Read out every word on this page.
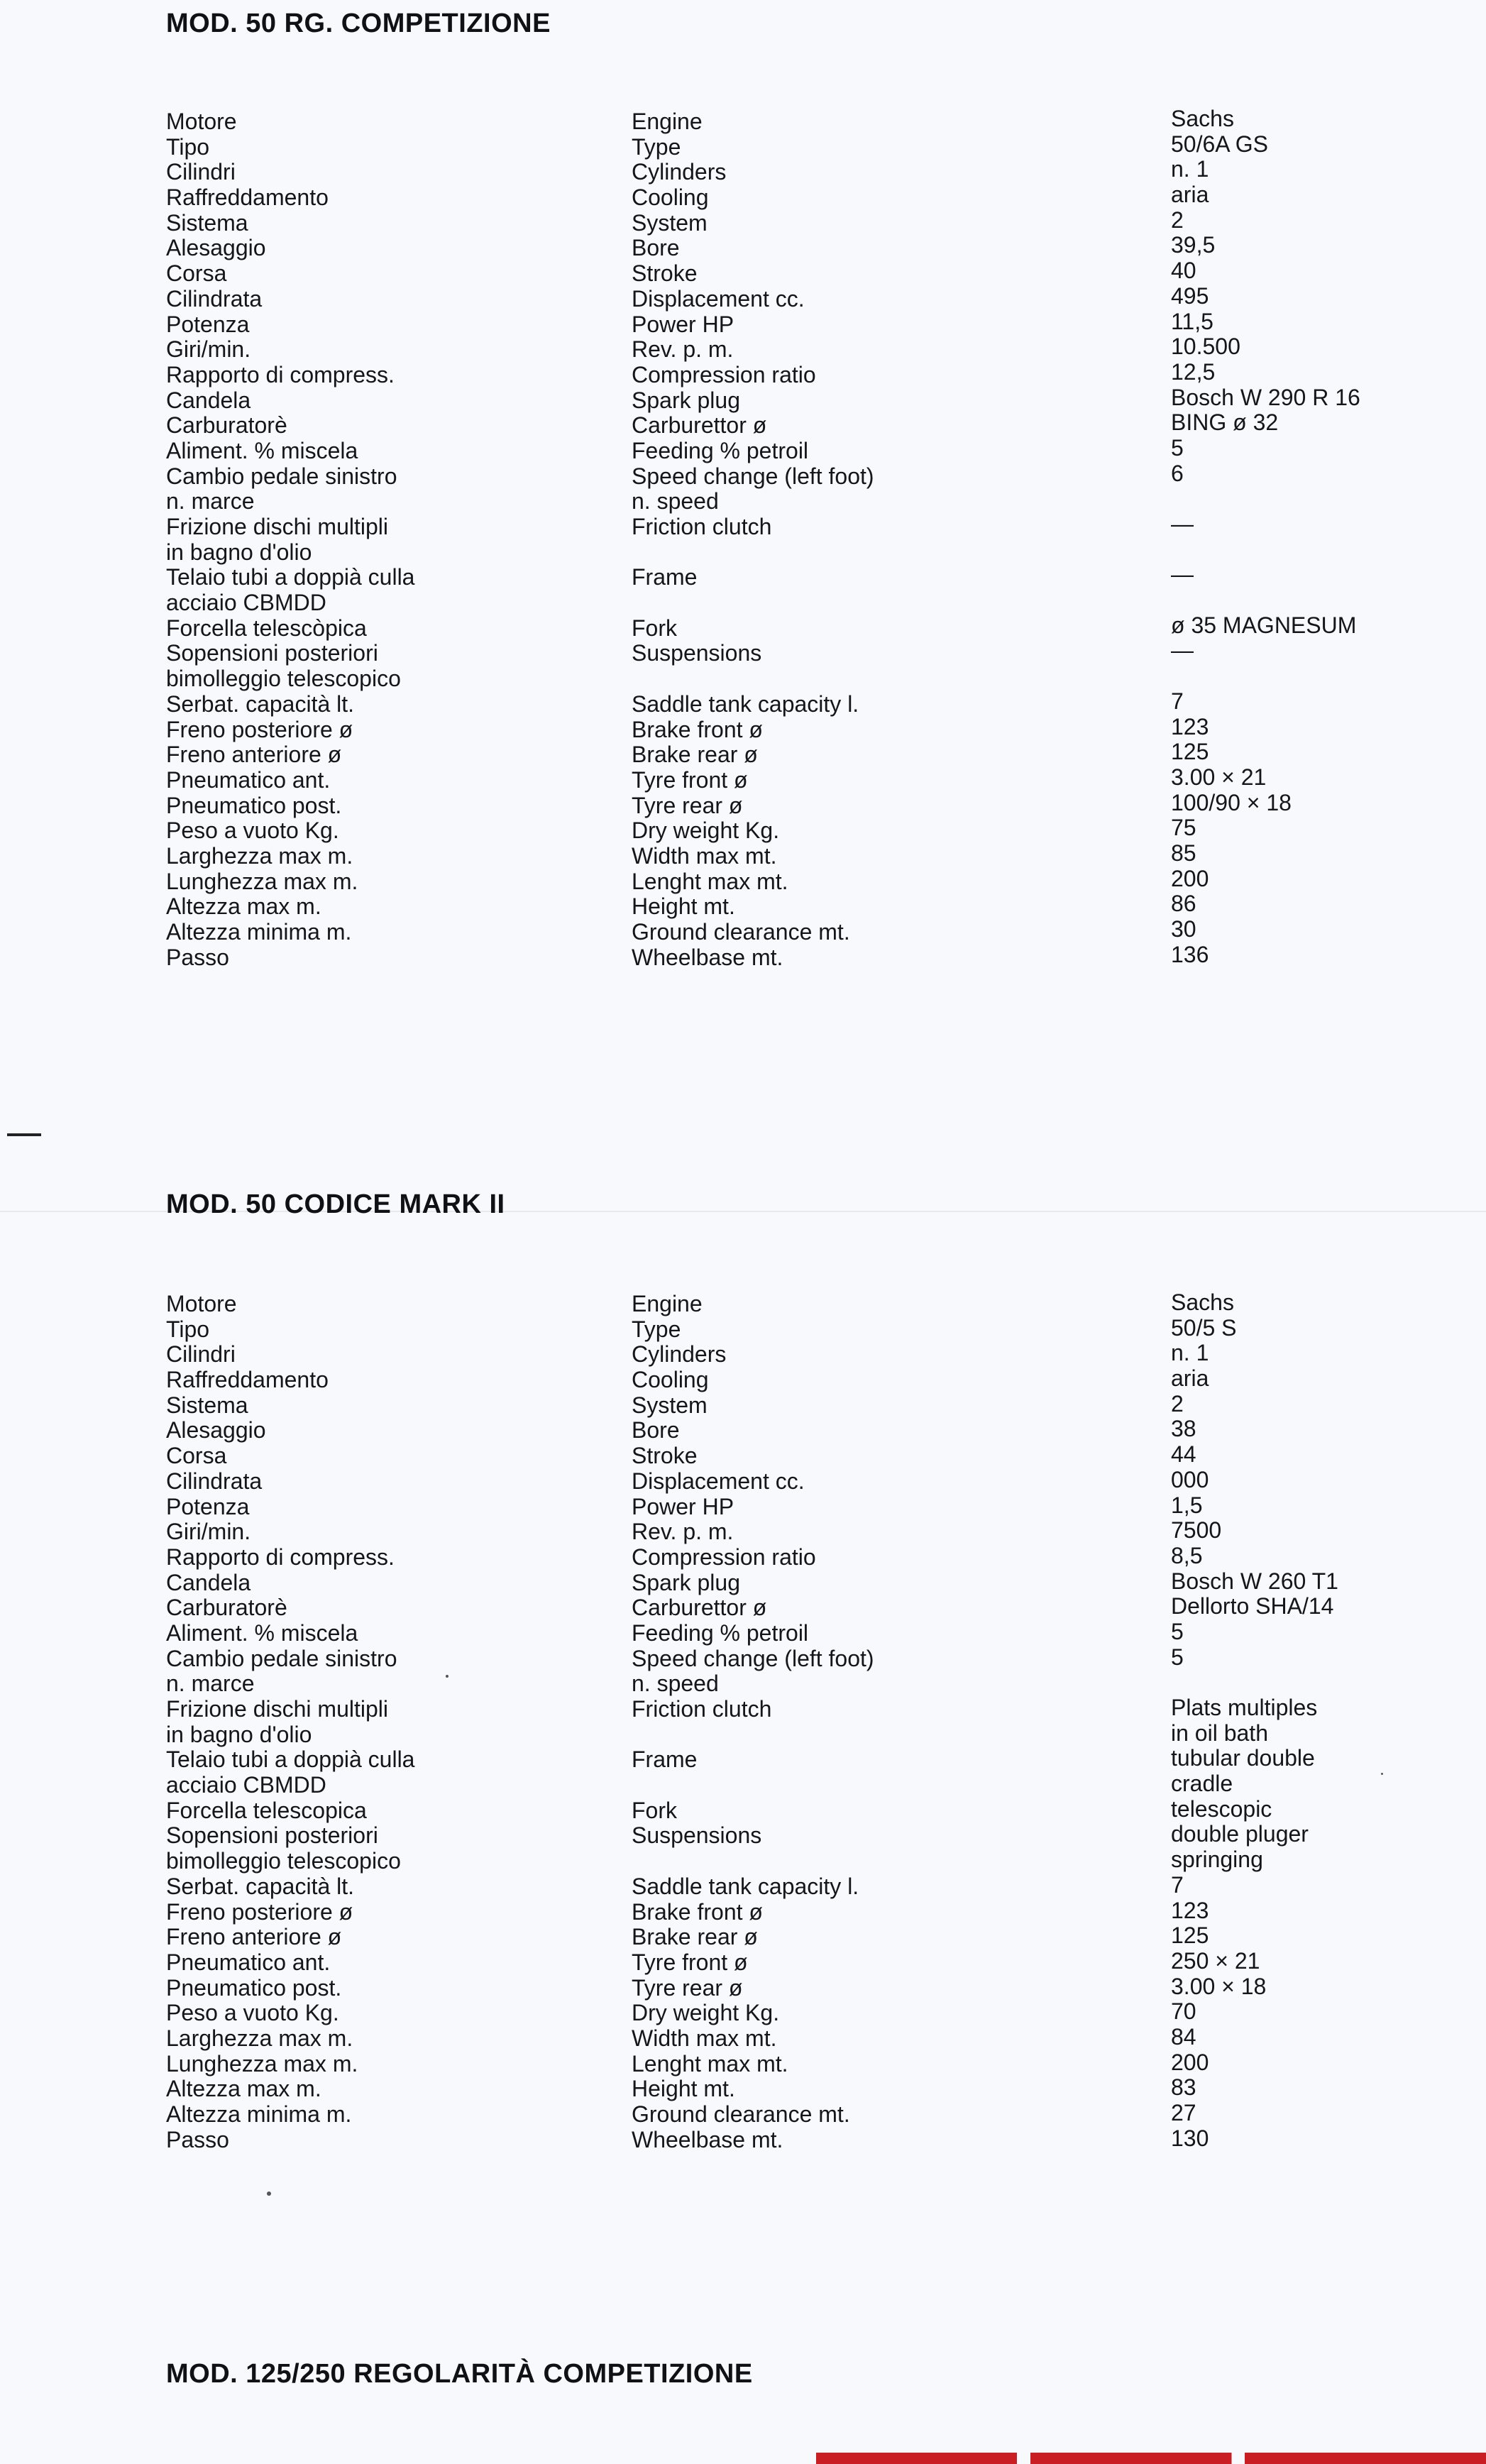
MOD. 50 RG. COMPETIZIONE
Motore
Tipo
Cilindri
Raffreddamento
Sistema
Alesaggio
Corsa
Cilindrata
Potenza
Giri/min.
Rapporto di compress.
Candela
Carburatorè
Aliment. % miscela
Cambio pedale sinistro
n. marce
Frizione dischi multipli
in bagno d'olio
Telaio tubi a doppià culla
acciaio CBMDD
Forcella telescòpica
Sopensioni posteriori
bimolleggio telescopico
Serbat. capacità lt.
Freno posteriore ø
Freno anteriore ø
Pneumatico ant.
Pneumatico post.
Peso a vuoto Kg.
Larghezza max m.
Lunghezza max m.
Altezza max m.
Altezza minima m.
Passo
Engine
Type
Cylinders
Cooling
System
Bore
Stroke
Displacement cc.
Power HP
Rev. p. m.
Compression ratio
Spark plug
Carburettor ø
Feeding % petroil
Speed change (left foot)
n. speed
Friction clutch
Frame
Fork
Suspensions
Saddle tank capacity l.
Brake front ø
Brake rear ø
Tyre front ø
Tyre rear ø
Dry weight Kg.
Width max mt.
Lenght max mt.
Height mt.
Ground clearance mt.
Wheelbase mt.
Sachs
50/6A GS
n. 1
aria
2
39,5
40
495
11,5
10.500
12,5
Bosch W 290 R 16
BING ø 32
5
6
—
—
ø 35 MAGNESUM
—
7
123
125
3.00 × 21
100/90 × 18
75
85
200
86
30
136
MOD. 50 CODICE MARK II
Motore
Tipo
Cilindri
Raffreddamento
Sistema
Alesaggio
Corsa
Cilindrata
Potenza
Giri/min.
Rapporto di compress.
Candela
Carburatorè
Aliment. % miscela
Cambio pedale sinistro
n. marce
Frizione dischi multipli
in bagno d'olio
Telaio tubi a doppià culla
acciaio CBMDD
Forcella telescopica
Sopensioni posteriori
bimolleggio telescopico
Serbat. capacità lt.
Freno posteriore ø
Freno anteriore ø
Pneumatico ant.
Pneumatico post.
Peso a vuoto Kg.
Larghezza max m.
Lunghezza max m.
Altezza max m.
Altezza minima m.
Passo
Engine
Type
Cylinders
Cooling
System
Bore
Stroke
Displacement cc.
Power HP
Rev. p. m.
Compression ratio
Spark plug
Carburettor ø
Feeding % petroil
Speed change (left foot)
n. speed
Friction clutch
Frame
Fork
Suspensions
Saddle tank capacity l.
Brake front ø
Brake rear ø
Tyre front ø
Tyre rear ø
Dry weight Kg.
Width max mt.
Lenght max mt.
Height mt.
Ground clearance mt.
Wheelbase mt.
Sachs
50/5 S
n. 1
aria
2
38
44
000
1,5
7500
8,5
Bosch W 260 T1
Dellorto SHA/14
5
5
Plats multiples
in oil bath
tubular double
cradle
telescopic
double pluger
springing
7
123
125
250 × 21
3.00 × 18
70
84
200
83
27
130
MOD. 125/250 REGOLARITÀ COMPETIZIONE
